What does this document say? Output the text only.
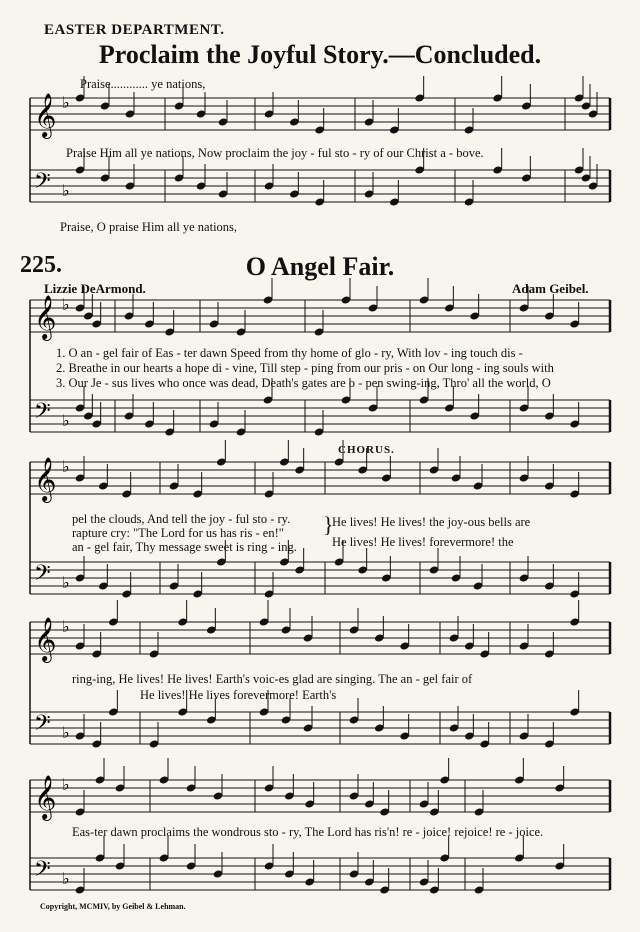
EASTER DEPARTMENT.
Proclaim the Joyful Story.—Concluded.
Praise............ ye nations,
𝄞 ♭
𝄢 ♭
𝄞 ♭
𝄢 ♭
𝄞 ♭
𝄢 ♭
𝄞 ♭
𝄢 ♭
𝄞 ♭
𝄢 ♭
Praise Him all ye nations, Now proclaim the joy - ful sto - ry of our Christ a - bove.
Praise, O praise Him all ye nations,
225.	O Angel Fair.
Lizzie DeArmond.	Adam Geibel.
1. O an - gel fair of Eas - ter dawn Speed from thy home of glo - ry, With lov - ing touch dis -
2. Breathe in our hearts a hope di - vine, Till step - ping from our pris - on Our long - ing souls with
3. Our Je - sus lives who once was dead, Death's gates are o - pen swing-ing, Thro' all the world, O
CHORUS.
pel the clouds, And tell the joy - ful sto - ry.
rapture cry: "The Lord for us has ris - en!"
an - gel fair, Thy message sweet is ring - ing.
}
He lives! He lives! the joy-ous bells are
He lives! He lives! forevermore! the
ring-ing, He lives! He lives! Earth's voic-es glad are singing. The an - gel fair of
He lives! He lives forevermore! Earth's
Eas-ter dawn proclaims the wondrous sto - ry, The Lord has ris'n! re - joice! rejoice! re - joice.
Copyright, MCMIV, by Geibel & Lehman.
